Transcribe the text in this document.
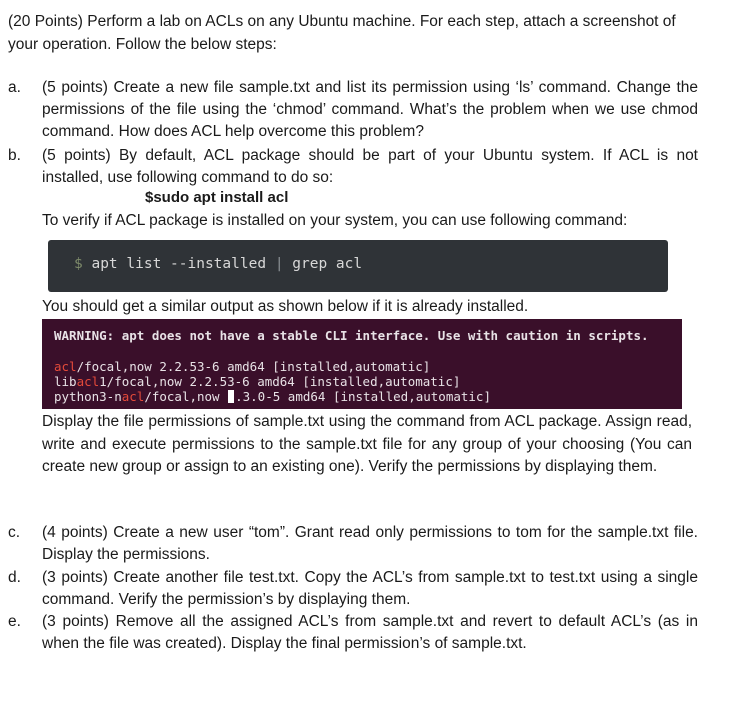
(20 Points) Perform a lab on ACLs on any Ubuntu machine. For each step, attach a screenshot of your operation. Follow the below steps:
a.	(5 points) Create a new file sample.txt and list its permission using ‘ls’ command. Change the permissions of the file using the ‘chmod’ command. What’s the problem when we use chmod command. How does ACL help overcome this problem?
b.	(5 points) By default, ACL package should be part of your Ubuntu system. If ACL is not installed, use following command to do so:
$sudo apt install acl
To verify if ACL package is installed on your system, you can use following command:
$ apt list --installed | grep acl
You should get a similar output as shown below if it is already installed.
WARNING: apt does not have a stable CLI interface. Use with caution in scripts.
acl/focal,now 2.2.53-6 amd64 [installed,automatic]
libacl1/focal,now 2.2.53-6 amd64 [installed,automatic]
python3-nacl/focal,now .3.0-5 amd64 [installed,automatic]
Display the file permissions of sample.txt using the command from ACL package. Assign read, write and execute permissions to the sample.txt file for any group of your choosing (You can create new group or assign to an existing one). Verify the permissions by displaying them.
c.	(4 points) Create a new user “tom”. Grant read only permissions to tom for the sample.txt file. Display the permissions.
d.	(3 points) Create another file test.txt. Copy the ACL’s from sample.txt to test.txt using a single command. Verify the permission’s by displaying them.
e.	(3 points) Remove all the assigned ACL’s from sample.txt and revert to default ACL’s (as in when the file was created). Display the final permission’s of sample.txt.
